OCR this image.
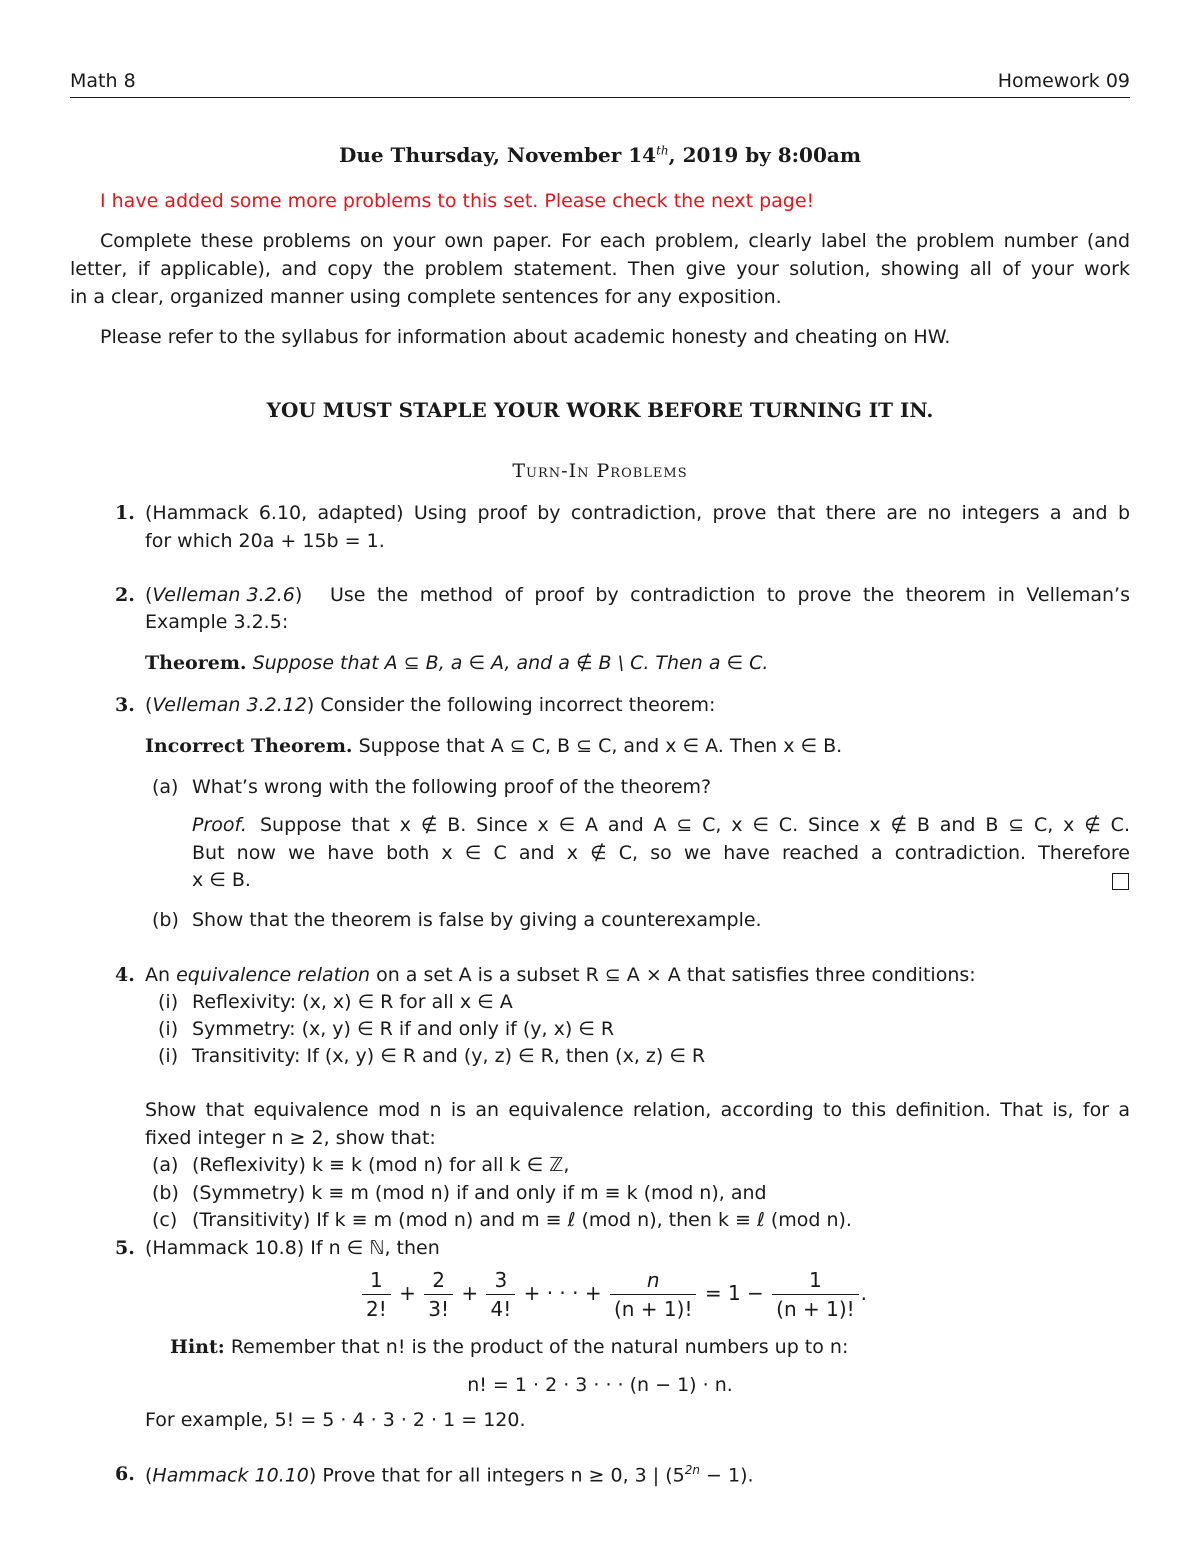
Math 8	Homework 09
Due Thursday, November 14th, 2019 by 8:00am
I have added some more problems to this set. Please check the next page!
Complete these problems on your own paper. For each problem, clearly label the problem number (and
letter, if applicable), and copy the problem statement. Then give your solution, showing all of your work
in a clear, organized manner using complete sentences for any exposition.
Please refer to the syllabus for information about academic honesty and cheating on HW.
YOU MUST STAPLE YOUR WORK BEFORE TURNING IT IN.
Turn-In Problems
1. (Hammack 6.10, adapted) Using proof by contradiction, prove that there are no integers a and b
for which 20a + 15b = 1.
2. (Velleman 3.2.6) Use the method of proof by contradiction to prove the theorem in Velleman’s
Example 3.2.5:
Theorem. Suppose that A ⊆ B, a ∈ A, and a ∉ B \ C. Then a ∈ C.
3. (Velleman 3.2.12) Consider the following incorrect theorem:
Incorrect Theorem. Suppose that A ⊆ C, B ⊆ C, and x ∈ A. Then x ∈ B.
(a) What’s wrong with the following proof of the theorem?
Proof. Suppose that x ∉ B. Since x ∈ A and A ⊆ C, x ∈ C. Since x ∉ B and B ⊆ C, x ∉ C.
But now we have both x ∈ C and x ∉ C, so we have reached a contradiction. Therefore
x ∈ B.
(b) Show that the theorem is false by giving a counterexample.
4. An equivalence relation on a set A is a subset R ⊆ A × A that satisfies three conditions:
(i) Reflexivity: (x, x) ∈ R for all x ∈ A
(i) Symmetry: (x, y) ∈ R if and only if (y, x) ∈ R
(i) Transitivity: If (x, y) ∈ R and (y, z) ∈ R, then (x, z) ∈ R
Show that equivalence mod n is an equivalence relation, according to this definition. That is, for a
fixed integer n ≥ 2, show that:
(a) (Reflexivity) k ≡ k (mod n) for all k ∈ ℤ,
(b) (Symmetry) k ≡ m (mod n) if and only if m ≡ k (mod n), and
(c) (Transitivity) If k ≡ m (mod n) and m ≡ ℓ (mod n), then k ≡ ℓ (mod n).
5. (Hammack 10.8) If n ∈ ℕ, then
$\frac{1}{2!} + \frac{2}{3!} + \frac{3}{4!}$ + · · · + $\frac{n}{(n + 1)!} = 1 - \frac{1}{(n + 1)!}$ .
Hint: Remember that n! is the product of the natural numbers up to n:
n! = 1 · 2 · 3 · · · (n − 1) · n.
For example, 5! = 5 · 4 · 3 · 2 · 1 = 120.
6. (Hammack 10.10) Prove that for all integers n ≥ 0, 3 | $(5^{2n} - 1)$.
